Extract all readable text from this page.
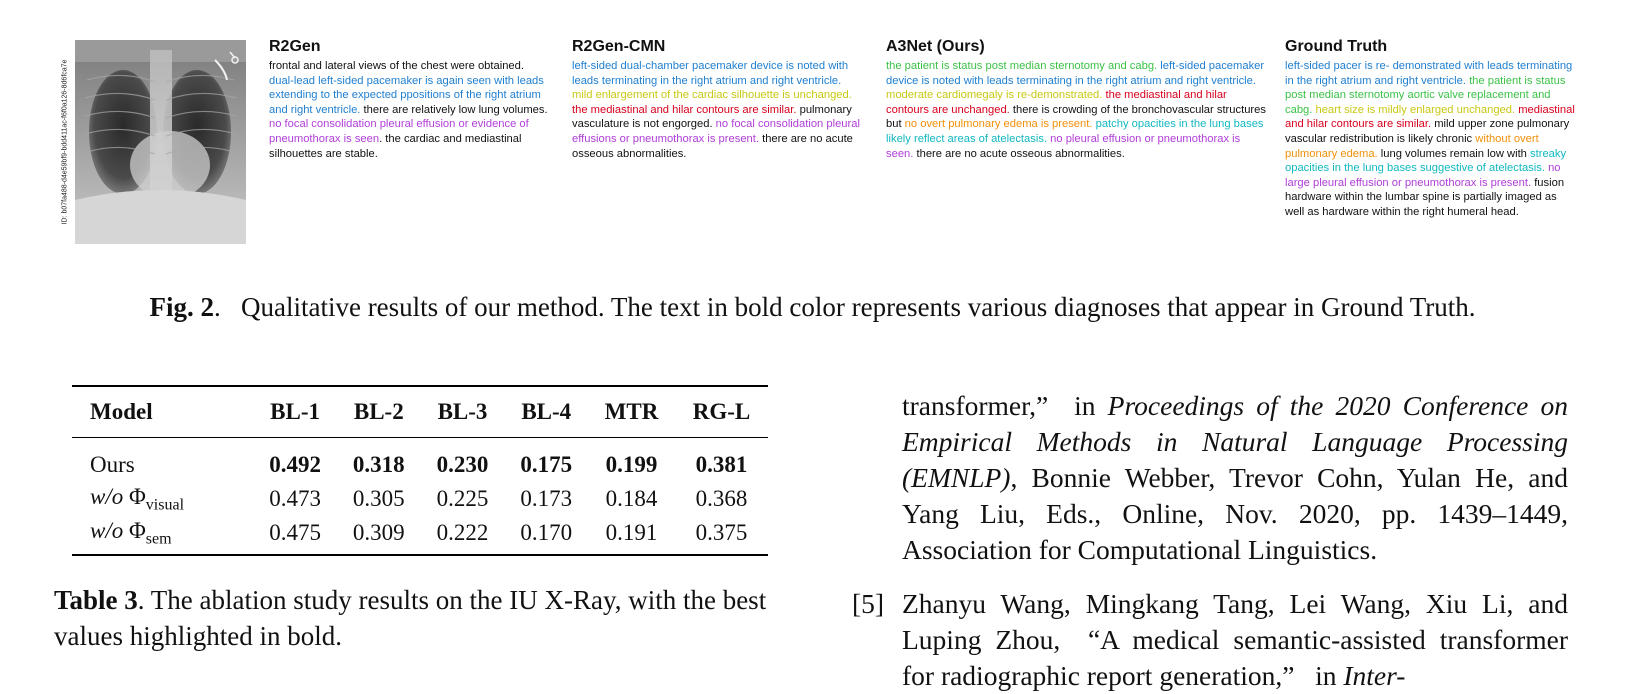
ID: b07fa488-d4e59bf9-bdd411ac-f6f0a126-8d6fca7e
R2Gen

frontal and lateral views of the chest were obtained. dual-lead left-sided pacemaker is again seen with leads extending to the expected ppositions of the right atrium and right ventricle. there are relatively low lung volumes. no focal consolidation pleural effusion or evidence of pneumothorax is seen. the cardiac and mediastinal silhouettes are stable.

R2Gen-CMN

left-sided dual-chamber pacemaker device is noted with leads terminating in the right atrium and right ventricle. mild enlargement of the cardiac silhouette is unchanged. the mediastinal and hilar contours are similar. pulmonary vasculature is not engorged. no focal consolidation pleural effusions or pneumothorax is present. there are no acute osseous abnormalities.

A3Net (Ours)

the patient is status post median sternotomy and cabg. left-sided pacemaker device is noted with leads terminating in the right atrium and right ventricle. moderate cardiomegaly is re-demonstrated. the mediastinal and hilar contours are unchanged. there is crowding of the bronchovascular structures but no overt pulmonary edema is present. patchy opacities in the lung bases likely reflect areas of atelectasis. no pleural effusion or pneumothorax is seen. there are no acute osseous abnormalities.

Ground Truth

left-sided pacer is re- demonstrated with leads terminating in the right atrium and right ventricle. the patient is status post median sternotomy aortic valve replacement and cabg. heart size is mildly enlarged unchanged. mediastinal and hilar contours are similar. mild upper zone pulmonary vascular redistribution is likely chronic without overt pulmonary edema. lung volumes remain low with streaky opacities in the lung bases suggestive of atelectasis. no large pleural effusion or pneumothorax is present. fusion hardware within the lumbar spine is partially imaged as well as hardware within the right humeral head.

Fig. 2.  Qualitative results of our method. The text in bold color represents various diagnoses that appear in Ground Truth.
Model	BL-1	BL-2	BL-3	BL-4	MTR	RG-L
Ours	0.492	0.318	0.230	0.175	0.199	0.381
w/o $\Phi_{visual}$	0.473	0.305	0.225	0.173	0.184	0.368
w/o $\Phi_{sem}$	0.475	0.309	0.222	0.170	0.191	0.375
Table 3. The ablation study results on the IU X-Ray, with the best values highlighted in bold.
transformer,”  in Proceedings of the 2020 Conference on Empirical Methods in Natural Language Processing (EMNLP), Bonnie Webber, Trevor Cohn, Yulan He, and Yang Liu, Eds., Online, Nov. 2020, pp. 1439–1449, Association for Computational Linguistics.
[5] Zhanyu Wang, Mingkang Tang, Lei Wang, Xiu Li, and Luping Zhou,  “A medical semantic-assisted transformer for radiographic report generation,”  in Inter-
